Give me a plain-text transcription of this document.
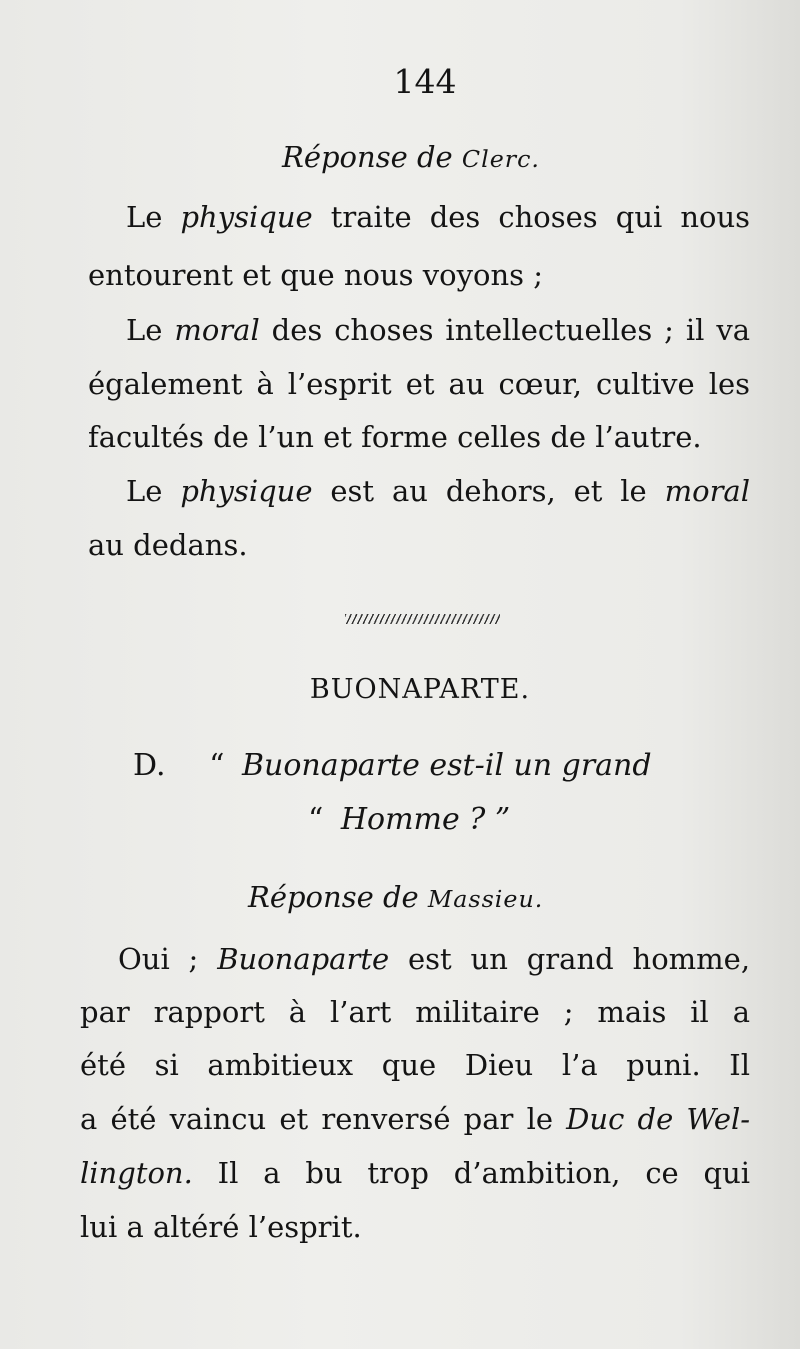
144
Réponse de Clerc.
Le physique traite des choses qui nous
entourent et que nous voyons ;
Le moral des choses intellectuelles ; il va
également à l’esprit et au cœur, cultive les
facultés de l’un et forme celles de l’autre.
Le physique est au dehors, et le moral
au dedans.
BUONAPARTE.
D. “ Buonaparte est-il un grand
“ Homme ? ”
Réponse de Massieu.
Oui ; Buonaparte est un grand homme,
par rapport à l’art militaire ; mais il a
été si ambitieux que Dieu l’a puni. Il
a été vaincu et renversé par le Duc de Wel-
lington. Il a bu trop d’ambition, ce qui
lui a altéré l’esprit.
